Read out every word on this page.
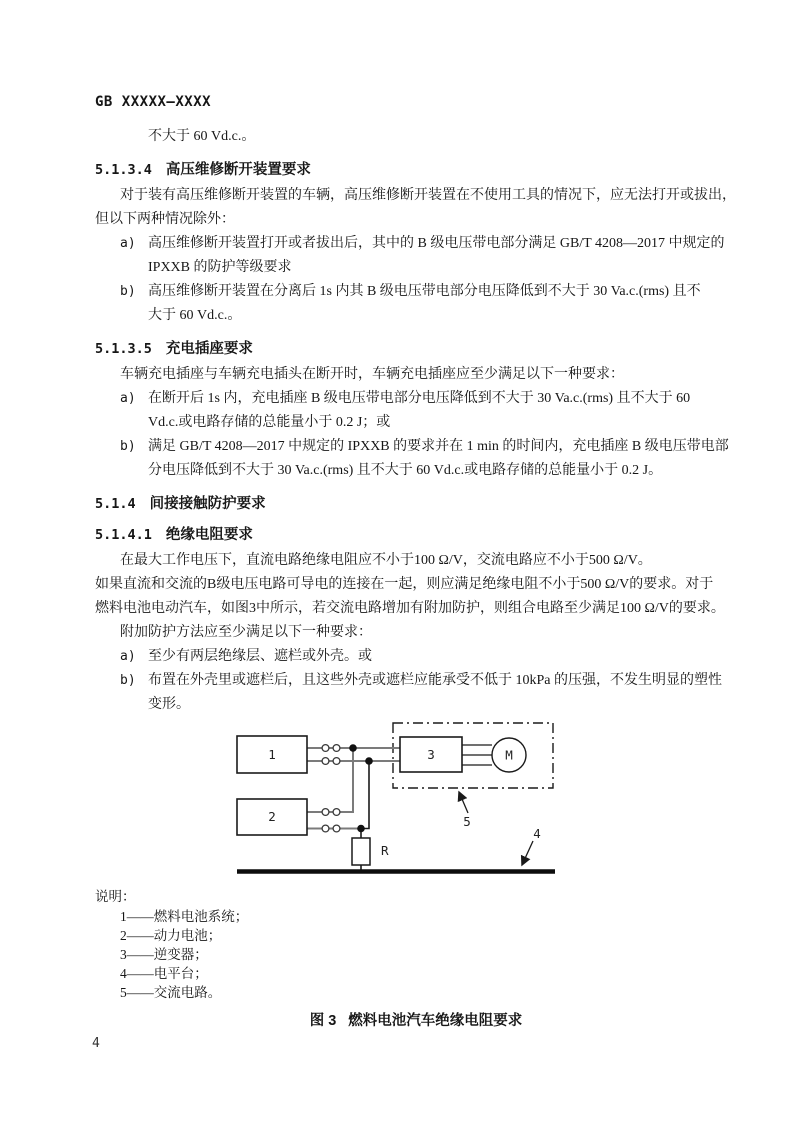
GB XXXXX—XXXX
不大于 60 Vd.c.。
5.1.3.4 高压维修断开装置要求
对于装有高压维修断开装置的车辆，高压维修断开装置在不使用工具的情况下，应无法打开或拔出，
但以下两种情况除外：
a) 高压维修断开装置打开或者拔出后，其中的 B 级电压带电部分满足 GB/T 4208—2017 中规定的
IPXXB 的防护等级要求
b) 高压维修断开装置在分离后 1s 内其 B 级电压带电部分电压降低到不大于 30 Va.c.(rms) 且不
大于 60 Vd.c.。
5.1.3.5 充电插座要求
车辆充电插座与车辆充电插头在断开时，车辆充电插座应至少满足以下一种要求：
a) 在断开后 1s 内，充电插座 B 级电压带电部分电压降低到不大于 30 Va.c.(rms) 且不大于 60
Vd.c.或电路存储的总能量小于 0.2 J；或
b) 满足 GB/T 4208—2017 中规定的 IPXXB 的要求并在 1 min 的时间内，充电插座 B 级电压带电部
分电压降低到不大于 30 Va.c.(rms) 且不大于 60 Vd.c.或电路存储的总能量小于 0.2 J。
5.1.4 间接接触防护要求
5.1.4.1 绝缘电阻要求
在最大工作电压下，直流电路绝缘电阻应不小于100 Ω/V，交流电路应不小于500 Ω/V。
如果直流和交流的B级电压电路可导电的连接在一起，则应满足绝缘电阻不小于500 Ω/V的要求。对于
燃料电池电动汽车，如图3中所示，若交流电路增加有附加防护，则组合电路至少满足100 Ω/V的要求。
附加防护方法应至少满足以下一种要求：
a) 至少有两层绝缘层、遮栏或外壳。或
b) 布置在外壳里或遮栏后，且这些外壳或遮栏应能承受不低于 10kPa 的压强，不发生明显的塑性
变形。
1
2
3	M
R
5
4
说明：
1——燃料电池系统；
2——动力电池；
3——逆变器；
4——电平台；
5——交流电路。
图 3 燃料电池汽车绝缘电阻要求
4
